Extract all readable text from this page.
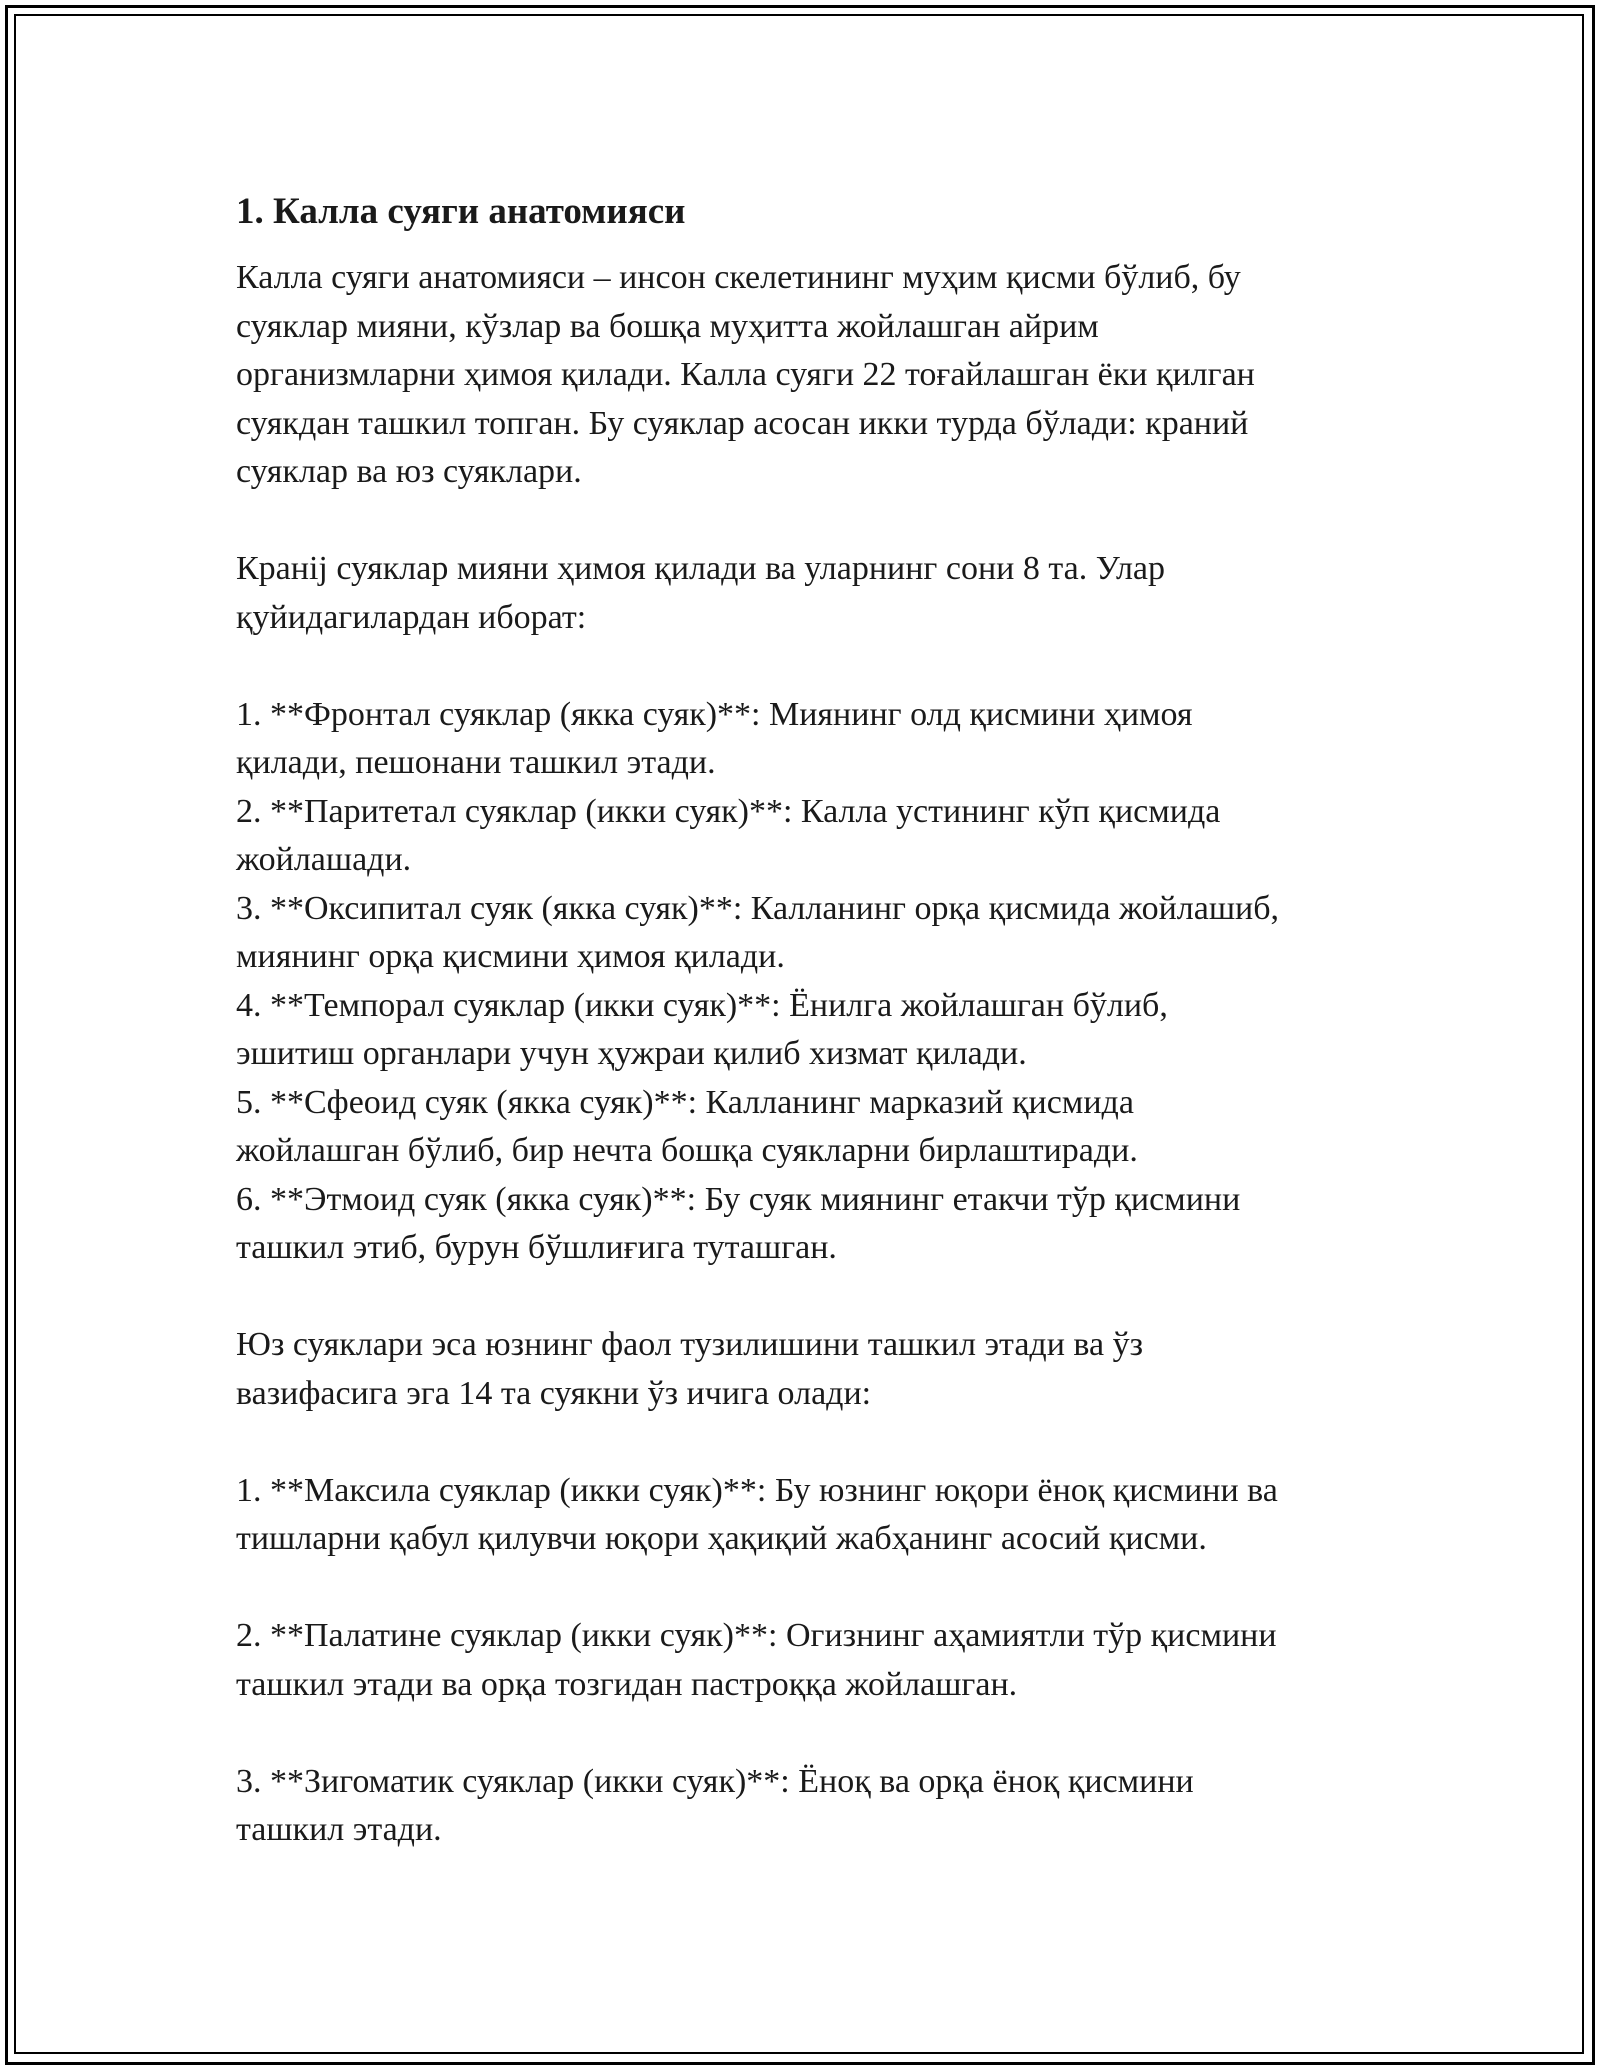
1. Калла суяги анатомияси
Калла суяги анатомияси – инсон скелетининг муҳим қисми бўлиб, бу
суяклар мияни, кўзлар ва бошқа муҳитта жойлашган айрим
организмларни ҳимоя қилади. Калла суяги 22 тоғайлашган ёки қилган
суякдан ташкил топган. Бу суяклар асосан икки турда бўлади: краний
суяклар ва юз суяклари.
Кранiј суяклар мияни ҳимоя қилади ва уларнинг сони 8 та. Улар
қуйидагилардан иборат:
1. **Фронтал суяклар (якка суяк)**: Миянинг олд қисмини ҳимоя
қилади, пешонани ташкил этади.
2. **Паритетал суяклар (икки суяк)**: Калла устининг кўп қисмида
жойлашади.
3. **Оксипитал суяк (якка суяк)**: Калланинг орқа қисмида жойлашиб,
миянинг орқа қисмини ҳимоя қилади.
4. **Темпорал суяклар (икки суяк)**: Ёнилга жойлашган бўлиб,
эшитиш органлари учун ҳужраи қилиб хизмат қилади.
5. **Сфеоид суяк (якка суяк)**: Калланинг марказий қисмида
жойлашган бўлиб, бир нечта бошқа суякларни бирлаштиради.
6. **Этмоид суяк (якка суяк)**: Бу суяк миянинг етакчи тўр қисмини
ташкил этиб, бурун бўшлиғига туташган.
Юз суяклари эса юзнинг фаол тузилишини ташкил этади ва ўз
вазифасига эга 14 та суякни ўз ичига олади:
1. **Максила суяклар (икки суяк)**: Бу юзнинг юқори ёноқ қисмини ва
тишларни қабул қилувчи юқори ҳақиқий жабҳанинг асосий қисми.
2. **Палатине суяклар (икки суяк)**: Огизнинг аҳамиятли тўр қисмини
ташкил этади ва орқа тозгидан пастроққа жойлашган.
3. **Зигоматик суяклар (икки суяк)**: Ёноқ ва орқа ёноқ қисмини
ташкил этади.
